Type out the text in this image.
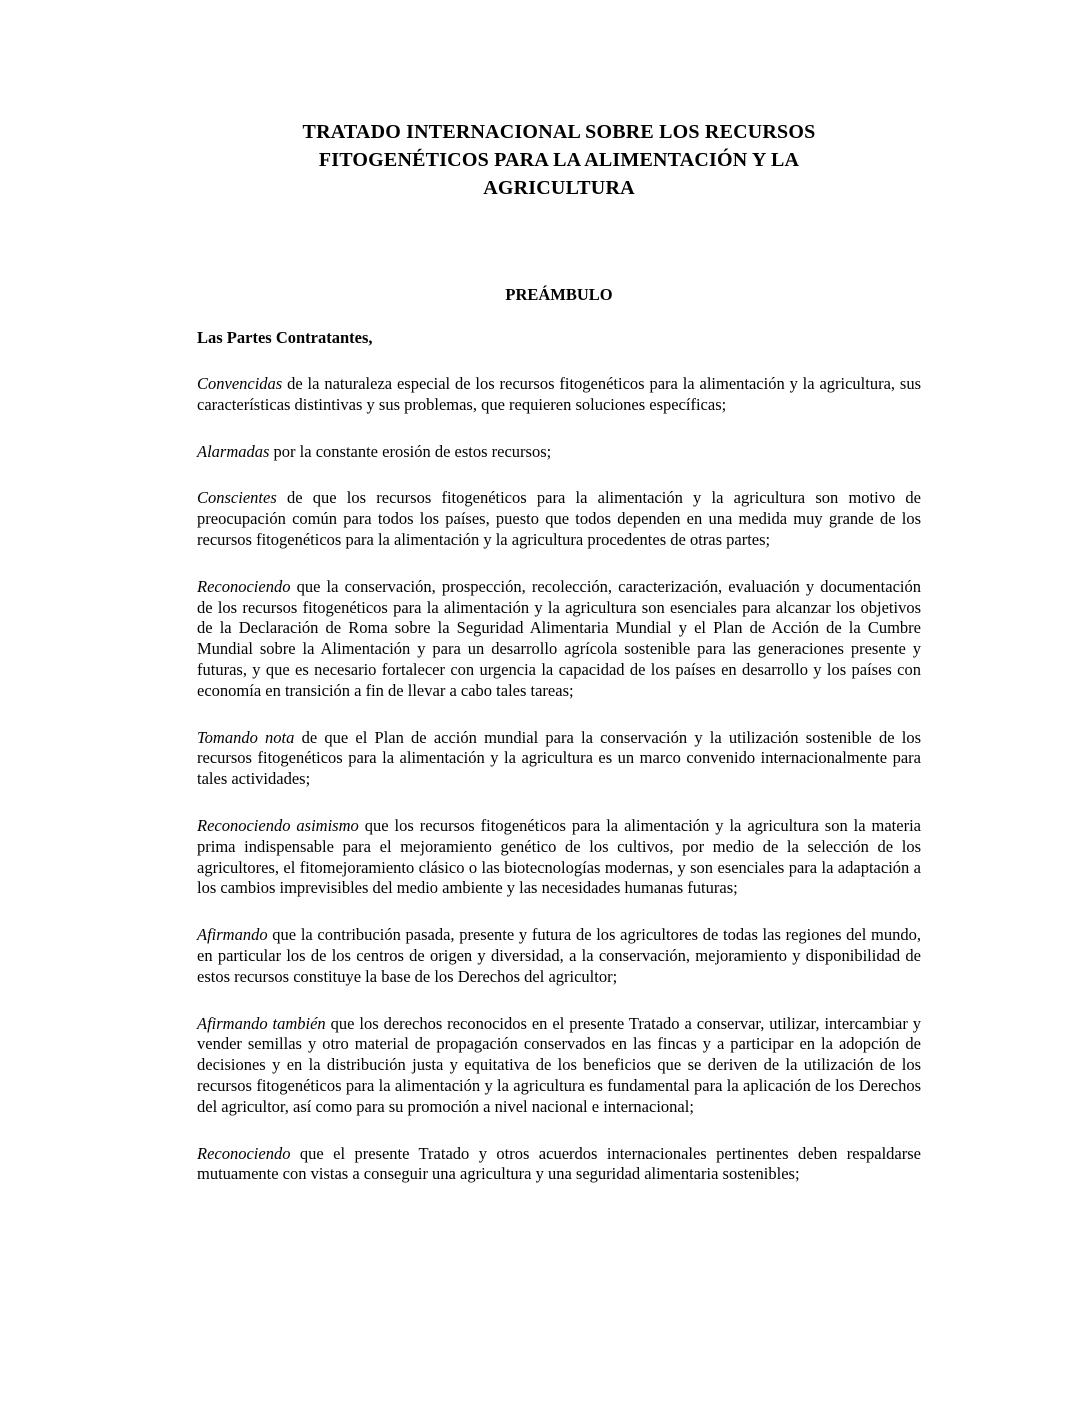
TRATADO INTERNACIONAL SOBRE LOS RECURSOS FITOGENÉTICOS PARA LA ALIMENTACIÓN Y LA AGRICULTURA
PREÁMBULO

Las Partes Contratantes,

Convencidas de la naturaleza especial de los recursos fitogenéticos para la alimentación y la agricultura, sus características distintivas y sus problemas, que requieren soluciones específicas;

Alarmadas por la constante erosión de estos recursos;

Conscientes de que los recursos fitogenéticos para la alimentación y la agricultura son motivo de preocupación común para todos los países, puesto que todos dependen en una medida muy grande de los recursos fitogenéticos para la alimentación y la agricultura procedentes de otras partes;

Reconociendo que la conservación, prospección, recolección, caracterización, evaluación y documentación de los recursos fitogenéticos para la alimentación y la agricultura son esenciales para alcanzar los objetivos de la Declaración de Roma sobre la Seguridad Alimentaria Mundial y el Plan de Acción de la Cumbre Mundial sobre la Alimentación y para un desarrollo agrícola sostenible para las generaciones presente y futuras, y que es necesario fortalecer con urgencia la capacidad de los países en desarrollo y los países con economía en transición a fin de llevar a cabo tales tareas;

Tomando nota de que el Plan de acción mundial para la conservación y la utilización sostenible de los recursos fitogenéticos para la alimentación y la agricultura es un marco convenido internacionalmente para tales actividades;

Reconociendo asimismo que los recursos fitogenéticos para la alimentación y la agricultura son la materia prima indispensable para el mejoramiento genético de los cultivos, por medio de la selección de los agricultores, el fitomejoramiento clásico o las biotecnologías modernas, y son esenciales para la adaptación a los cambios imprevisibles del medio ambiente y las necesidades humanas futuras;

Afirmando que la contribución pasada, presente y futura de los agricultores de todas las regiones del mundo, en particular los de los centros de origen y diversidad, a la conservación, mejoramiento y disponibilidad de estos recursos constituye la base de los Derechos del agricultor;

Afirmando también que los derechos reconocidos en el presente Tratado a conservar, utilizar, intercambiar y vender semillas y otro material de propagación conservados en las fincas y a participar en la adopción de decisiones y en la distribución justa y equitativa de los beneficios que se deriven de la utilización de los recursos fitogenéticos para la alimentación y la agricultura es fundamental para la aplicación de los Derechos del agricultor, así como para su promoción a nivel nacional e internacional;

Reconociendo que el presente Tratado y otros acuerdos internacionales pertinentes deben respaldarse mutuamente con vistas a conseguir una agricultura y una seguridad alimentaria sostenibles;
